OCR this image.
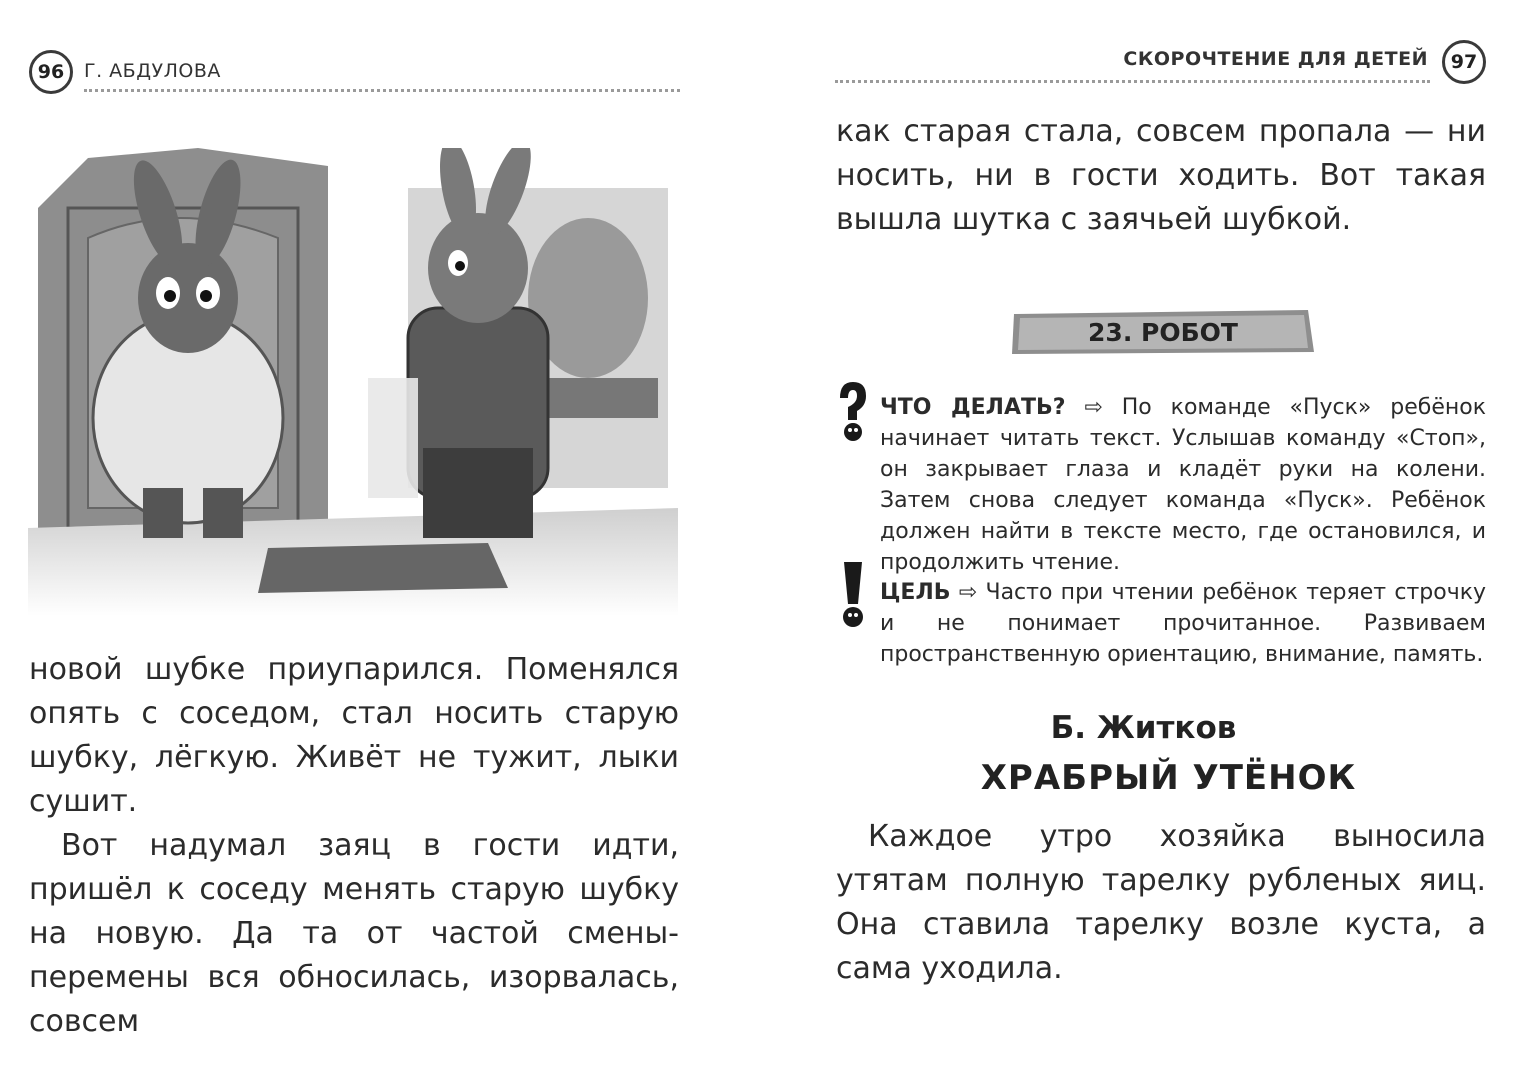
96	Г. АБДУЛОВА

новой шубке приупарился. Поменялся опять с соседом, стал носить старую шубку, лёгкую. Живёт не тужит, лыки сушит.

Вот надумал заяц в гости идти, пришёл к соседу менять старую шубку на новую. Да та от частой смены-перемены вся обносилась, изорвалась, совсем

СКОРОЧТЕНИЕ ДЛЯ ДЕТЕЙ	97

как старая стала, совсем пропала — ни носить, ни в гости ходить. Вот такая вышла шутка с заячьей шубкой.

23. РОБОТ

ЧТО ДЕЛАТЬ? ⇨ По команде «Пуск» ребёнок начинает читать текст. Услышав команду «Стоп», он закрывает глаза и кладёт руки на колени. Затем снова следует команда «Пуск». Ребёнок должен найти в тексте место, где остановился, и продолжить чтение.

ЦЕЛЬ ⇨ Часто при чтении ребёнок теряет строчку и не понимает прочитанное. Развиваем пространственную ориентацию, внимание, память.

Б. Житков
ХРАБРЫЙ УТЁНОК

Каждое утро хозяйка выносила утятам полную тарелку рубленых яиц. Она ставила тарелку возле куста, а сама уходила.
